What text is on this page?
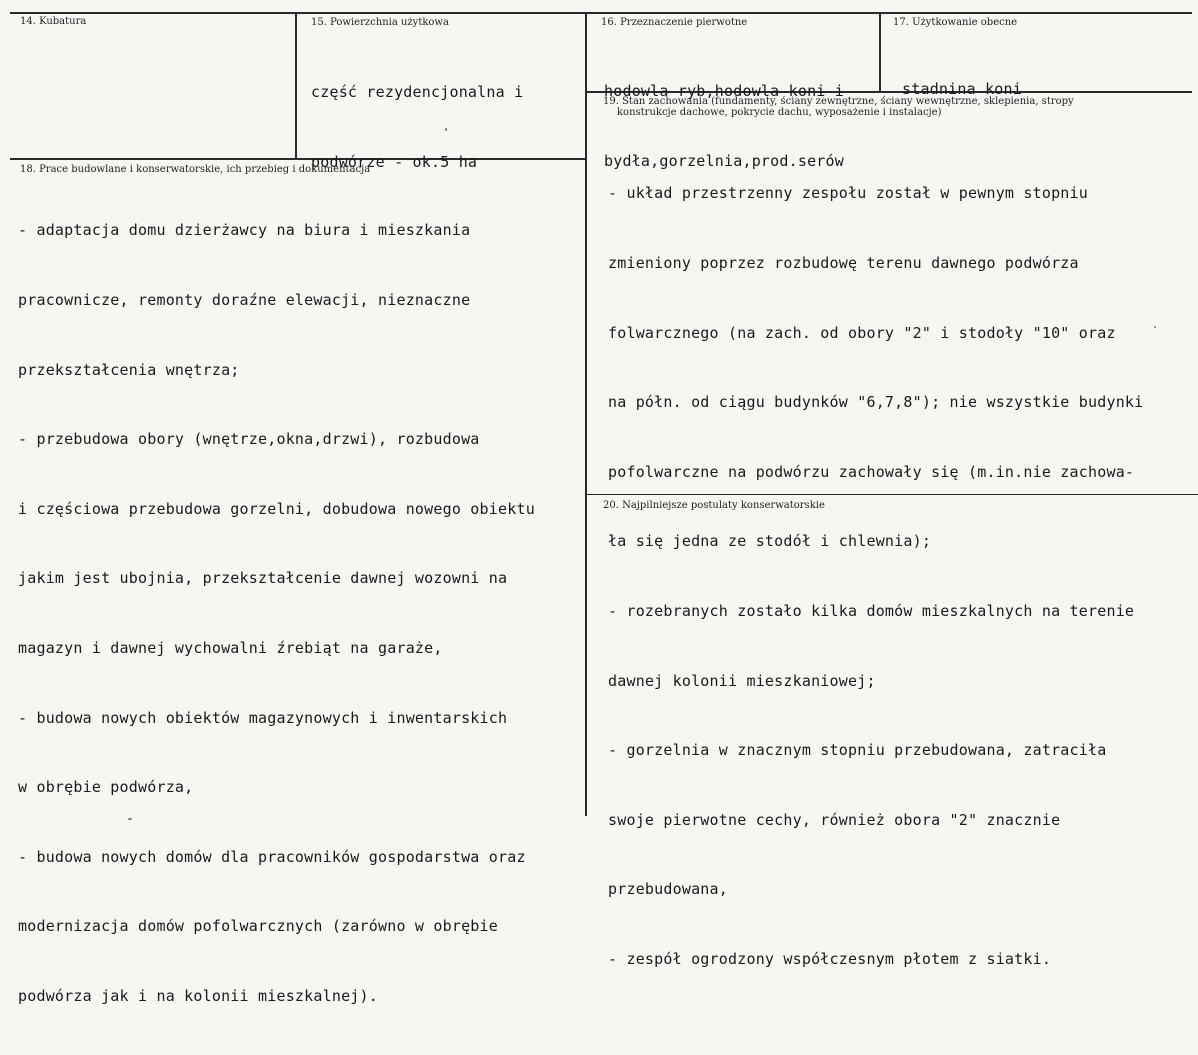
14. Kubatura	15. Powierzchnia użytkowa

część rezydencjonalna i

podwórze - ok.5 ha

16. Przeznaczenie pierwotne

hodowla ryb,hodowla koni i

bydła,gorzelnia,prod.serów

17. Użytkowanie obecne

stadnina koni

18. Prace budowlane i konserwatorskie, ich przebieg i dokumentacja

- adaptacja domu dzierżawcy na biura i mieszkania

pracownicze, remonty doraźne elewacji, nieznaczne

przekształcenia wnętrza;

- przebudowa obory (wnętrze,okna,drzwi), rozbudowa

i częściowa przebudowa gorzelni, dobudowa nowego obiektu

jakim jest ubojnia, przekształcenie dawnej wozowni na

magazyn i dawnej wychowalni źrebiąt na garaże,

- budowa nowych obiektów magazynowych i inwentarskich

w obrębie podwórza,

- budowa nowych domów dla pracowników gospodarstwa oraz

modernizacja domów pofolwarcznych (zarówno w obrębie

podwórza jak i na kolonii mieszkalnej).

19. Stan zachowania (fundamenty, ściany zewnętrzne, ściany wewnętrzne, sklepienia, stropy
konstrukcje dachowe, pokrycie dachu, wyposażenie i instalacje)

- układ przestrzenny zespołu został w pewnym stopniu

zmieniony poprzez rozbudowę terenu dawnego podwórza

folwarcznego (na zach. od obory "2" i stodoły "10" oraz

na półn. od ciągu budynków "6,7,8"); nie wszystkie budynki

pofolwarczne na podwórzu zachowały się (m.in.nie zachowa-

ła się jedna ze stodół i chlewnia);

- rozebranych zostało kilka domów mieszkalnych na terenie

dawnej kolonii mieszkaniowej;

- gorzelnia w znacznym stopniu przebudowana, zatraciła

swoje pierwotne cechy, również obora "2" znacznie

przebudowana,

- zespół ogrodzony współczesnym płotem z siatki.

20. Najpilniejsze postulaty konserwatorskie
